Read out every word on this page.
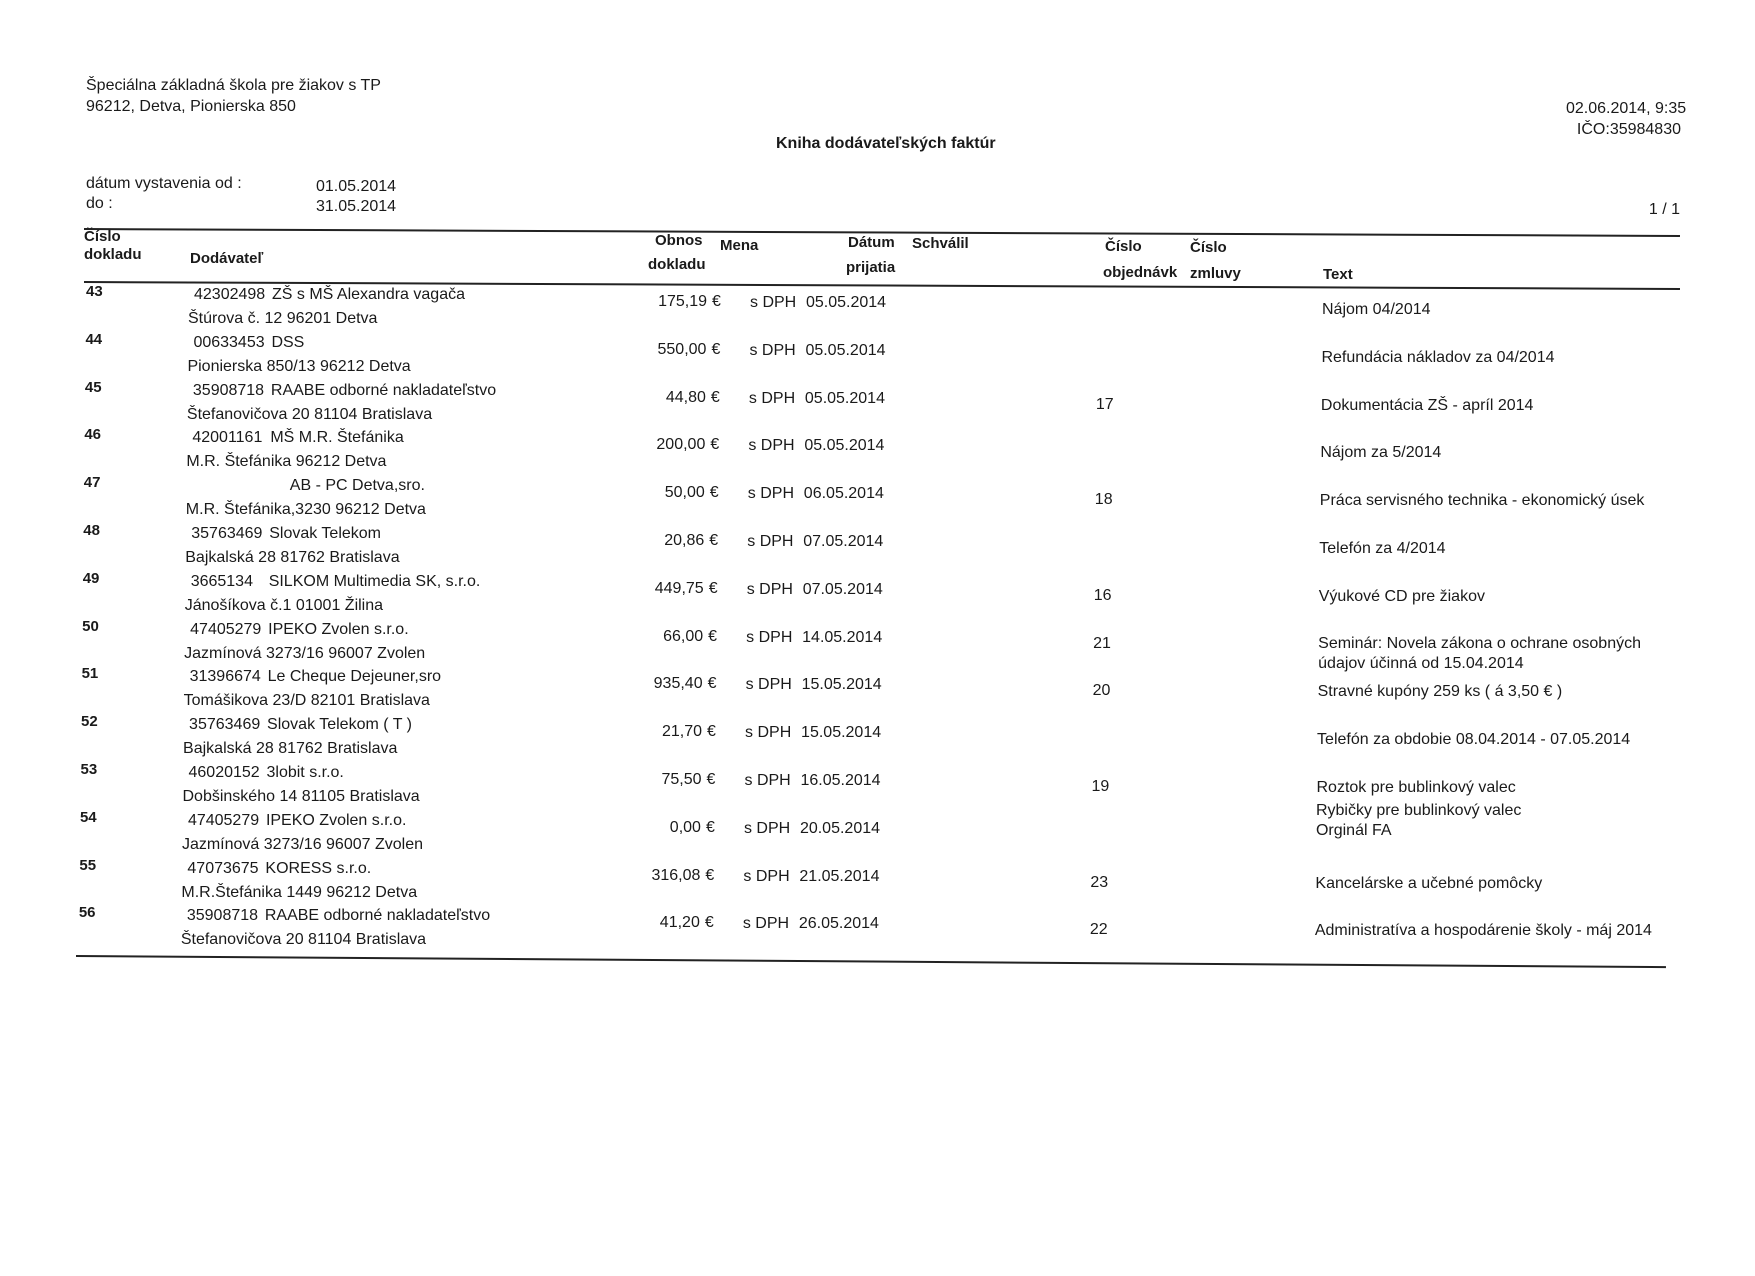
Špeciálna základná škola pre žiakov s TP
96212, Detva, Pionierska 850
Kniha dodávateľských faktúr
02.06.2014, 9:35
IČO:35984830
dátum vystavenia od :	01.05.2014
do :	31.05.2014	1 / 1
Číslo
dokladu	Dodávateľ
Obnos
dokladu
Mena	Dátum
prijatia
Schválil	Číslo
objednávk
Číslo
zmluvy	Text
43	42302498 ZŠ s MŠ Alexandra vagača
Štúrova č. 12 96201 Detva
175,19 €	s DPH 05.05.2014	Nájom 04/2014
44	00633453 DSS
Pionierska 850/13 96212 Detva
550,00 €	s DPH 05.05.2014	Refundácia nákladov za 04/2014
45	35908718 RAABE odborné nakladateľstvo
Štefanovičova 20 81104 Bratislava
44,80 €	s DPH 05.05.2014	17	Dokumentácia ZŠ - apríl 2014
46	42001161 MŠ M.R. Štefánika
M.R. Štefánika 96212 Detva
200,00 €	s DPH 05.05.2014	Nájom za 5/2014
47	AB - PC Detva,sro.
M.R. Štefánika,3230 96212 Detva
50,00 €	s DPH 06.05.2014	18	Práca servisného technika - ekonomický úsek
48	35763469 Slovak Telekom
Bajkalská 28 81762 Bratislava
20,86 €	s DPH 07.05.2014	Telefón za 4/2014
49	3665134 SILKOM Multimedia SK, s.r.o.
Jánošíkova č.1 01001 Žilina
449,75 €	s DPH 07.05.2014	16	Výukové CD pre žiakov
50	47405279 IPEKO Zvolen s.r.o.
Jazmínová 3273/16 96007 Zvolen
66,00 €	s DPH 14.05.2014	21	Seminár: Novela zákona o ochrane osobných údajov účinná od 15.04.2014
51	31396674 Le Cheque Dejeuner,sro
Tomášikova 23/D 82101 Bratislava
935,40 €	s DPH 15.05.2014	20	Stravné kupóny 259 ks ( á 3,50 € )
52	35763469 Slovak Telekom ( T )
Bajkalská 28 81762 Bratislava
21,70 €	s DPH 15.05.2014	Telefón za obdobie 08.04.2014 - 07.05.2014
53	46020152 3lobit s.r.o.
Dobšinského 14 81105 Bratislava
75,50 €	s DPH 16.05.2014	19	Roztok pre bublinkový valec
54	47405279 IPEKO Zvolen s.r.o.
Jazmínová 3273/16 96007 Zvolen
0,00 €	s DPH 20.05.2014
Rybičky pre bublinkový valec Orginál FA
55	47073675 KORESS s.r.o.
M.R.Štefánika 1449 96212 Detva
316,08 €	s DPH 21.05.2014	23	Kancelárske a učebné pomôcky
56	35908718 RAABE odborné nakladateľstvo
Štefanovičova 20 81104 Bratislava
41,20 €	s DPH 26.05.2014	22	Administratíva a hospodárenie školy - máj 2014
